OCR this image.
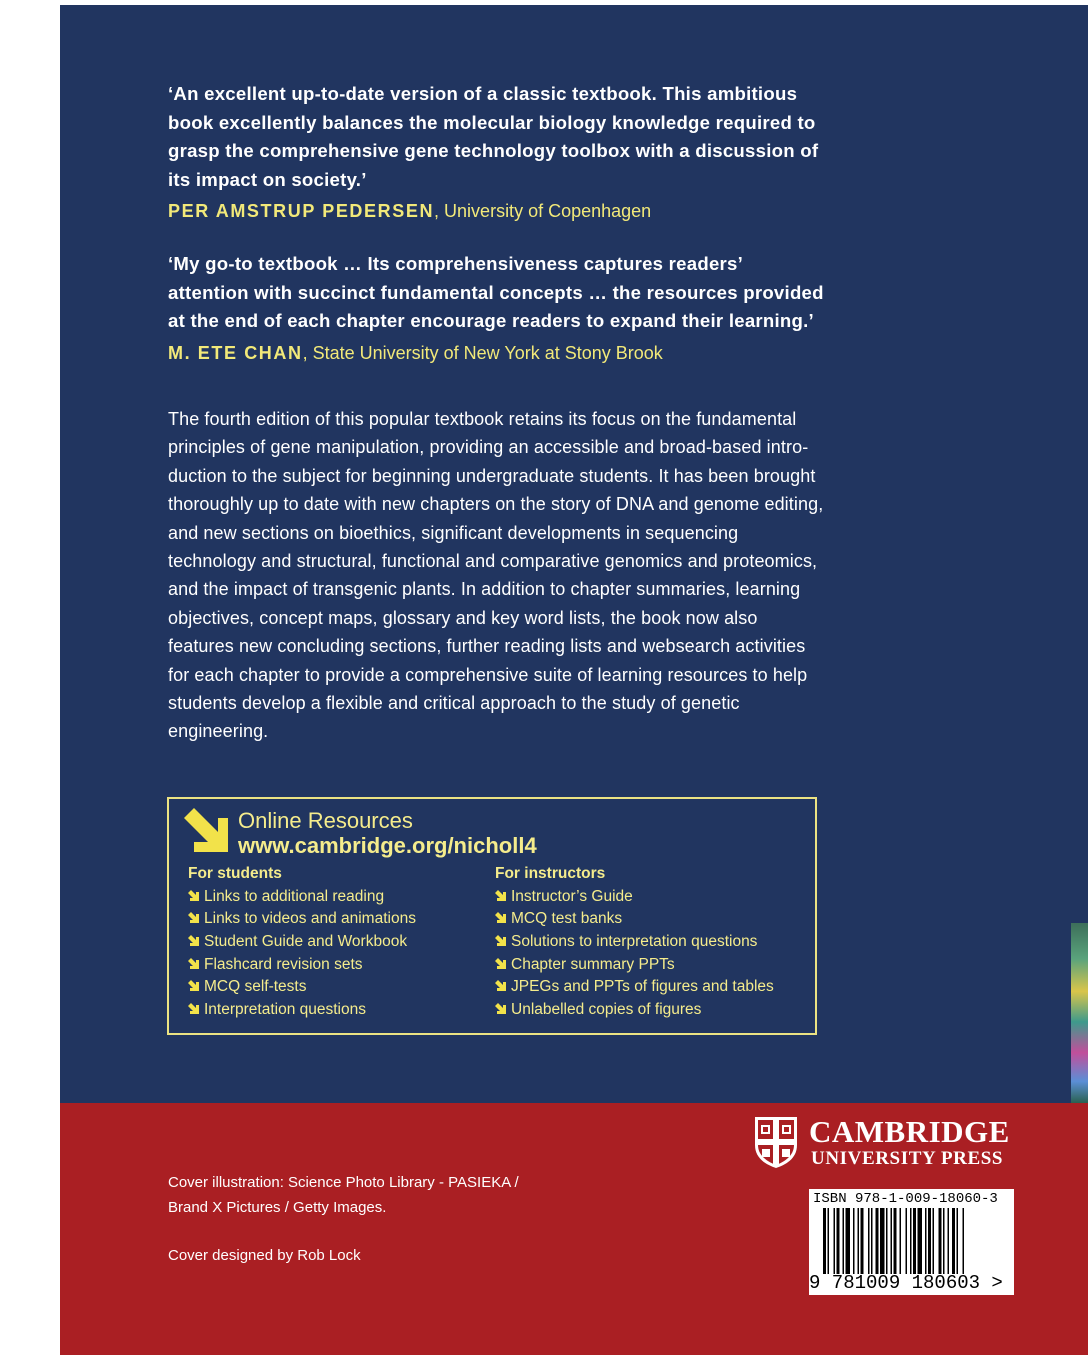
‘An excellent up-to-date version of a classic textbook. This ambitious book excellently balances the molecular biology knowledge required to grasp the comprehensive gene technology toolbox with a discussion of its impact on society.’
PER AMSTRUP PEDERSEN, University of Copenhagen
‘My go-to textbook … Its comprehensiveness captures readers’ attention with succinct fundamental concepts … the resources provided at the end of each chapter encourage readers to expand their learning.’
M. ETE CHAN, State University of New York at Stony Brook
The fourth edition of this popular textbook retains its focus on the fundamental principles of gene manipulation, providing an accessible and broad-based intro-duction to the subject for beginning undergraduate students. It has been brought thoroughly up to date with new chapters on the story of DNA and genome editing, and new sections on bioethics, significant developments in sequencing technology and structural, functional and comparative genomics and proteomics, and the impact of transgenic plants. In addition to chapter summaries, learning objectives, concept maps, glossary and key word lists, the book now also features new concluding sections, further reading lists and websearch activities for each chapter to provide a comprehensive suite of learning resources to help students develop a flexible and critical approach to the study of genetic engineering.
Online Resources
www.cambridge.org/nicholl4
For students
Links to additional reading
Links to videos and animations
Student Guide and Workbook
Flashcard revision sets
MCQ self-tests
Interpretation questions
For instructors
Instructor’s Guide
MCQ test banks
Solutions to interpretation questions
Chapter summary PPTs
JPEGs and PPTs of figures and tables
Unlabelled copies of figures
Cover illustration: Science Photo Library - PASIEKA /
Brand X Pictures / Getty Images.
Cover designed by Rob Lock
CAMBRIDGE
UNIVERSITY PRESS
ISBN 978-1-009-18060-3
9 781009 180603 >
